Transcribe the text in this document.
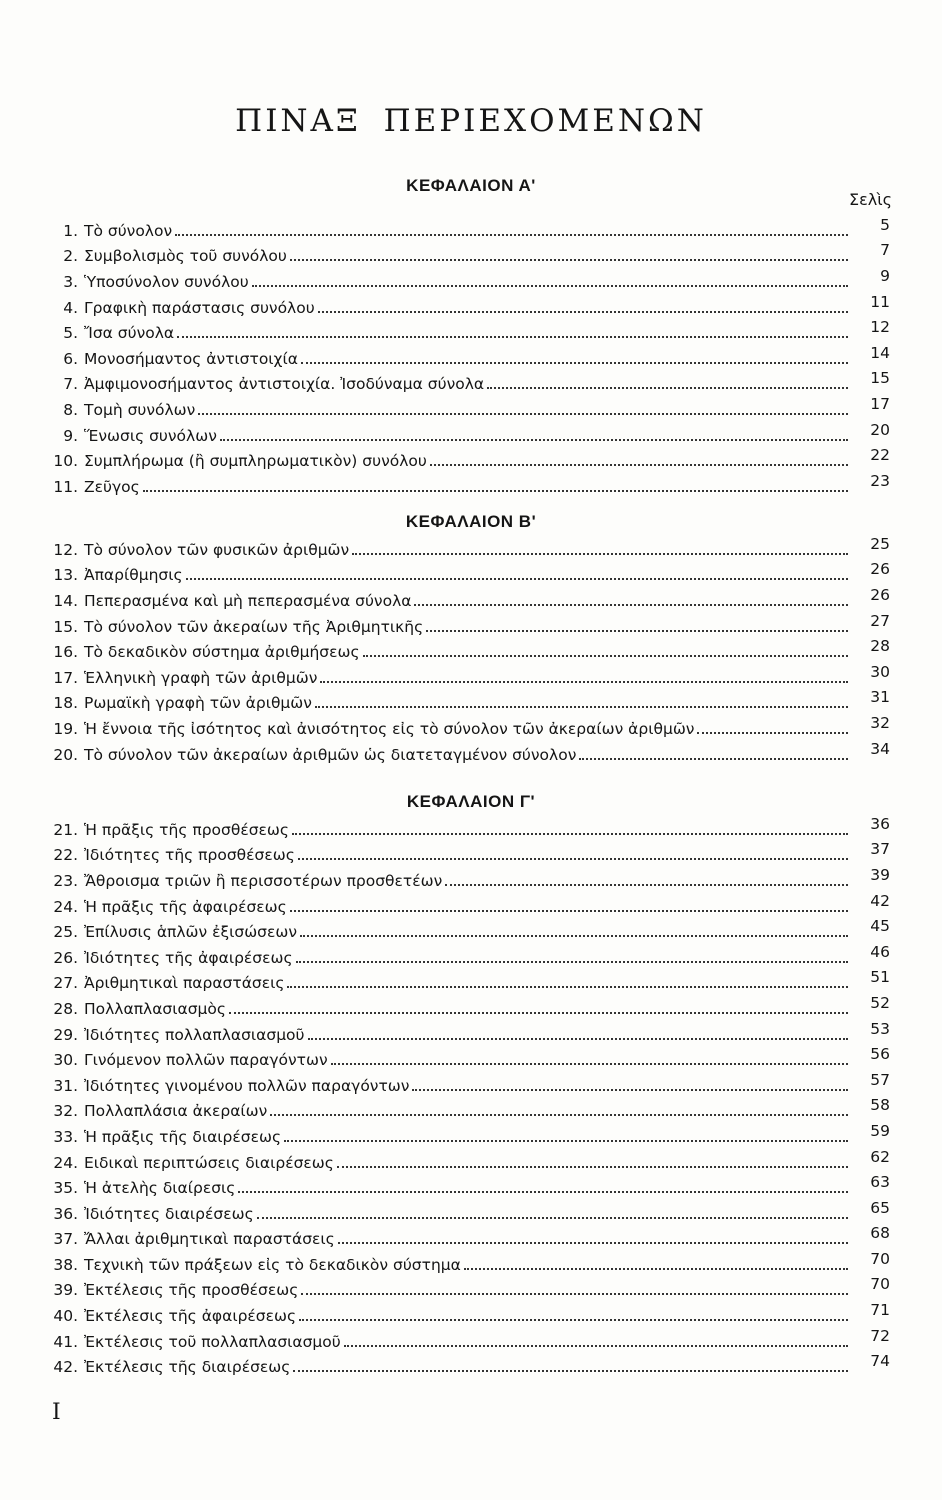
ΠΙΝΑΞ ΠΕΡΙΕΧΟΜΕΝΩΝ
ΚΕΦΑΛΑΙΟΝ Α'
Σελὶς
1. Τὸ σύνολον	5
2. Συμβολισμὸς τοῦ συνόλου	7
3. Ὑποσύνολον συνόλου	9
4. Γραφικὴ παράστασις συνόλου	11
5. Ἴσα σύνολα	12
6. Μονοσήμαντος ἀντιστοιχία	14
7. Ἀμφιμονοσήμαντος ἀντιστοιχία. Ἰσοδύναμα σύνολα	15
8. Τομὴ συνόλων	17
9. Ἕνωσις συνόλων	20
10. Συμπλήρωμα (ἢ συμπληρωματικὸν) συνόλου	22
11. Ζεῦγος	23
ΚΕΦΑΛΑΙΟΝ Β'
12. Τὸ σύνολον τῶν φυσικῶν ἀριθμῶν	25
13. Ἀπαρίθμησις	26
14. Πεπερασμένα καὶ μὴ πεπερασμένα σύνολα	26
15. Τὸ σύνολον τῶν ἀκεραίων τῆς Ἀριθμητικῆς	27
16. Τὸ δεκαδικὸν σύστημα ἀριθμήσεως	28
17. Ἑλληνικὴ γραφὴ τῶν ἀριθμῶν	30
18. Ρωμαϊκὴ γραφὴ τῶν ἀριθμῶν	31
19. Ἡ ἔννοια τῆς ἰσότητος καὶ ἀνισότητος εἰς τὸ σύνολον τῶν ἀκεραίων ἀριθμῶν	32
20. Τὸ σύνολον τῶν ἀκεραίων ἀριθμῶν ὡς διατεταγμένον σύνολον	34
ΚΕΦΑΛΑΙΟΝ Γ'
21. Ἡ πρᾶξις τῆς προσθέσεως	36
22. Ἰδιότητες τῆς προσθέσεως	37
23. Ἄθροισμα τριῶν ἢ περισσοτέρων προσθετέων	39
24. Ἡ πρᾶξις τῆς ἀφαιρέσεως	42
25. Ἐπίλυσις ἁπλῶν ἐξισώσεων	45
26. Ἰδιότητες τῆς ἀφαιρέσεως	46
27. Ἀριθμητικαὶ παραστάσεις	51
28. Πολλαπλασιασμὸς	52
29. Ἰδιότητες πολλαπλασιασμοῦ	53
30. Γινόμενον πολλῶν παραγόντων	56
31. Ἰδιότητες γινομένου πολλῶν παραγόντων	57
32. Πολλαπλάσια ἀκεραίων	58
33. Ἡ πρᾶξις τῆς διαιρέσεως	59
24. Ειδικαὶ περιπτώσεις διαιρέσεως	62
35. Ἡ ἀτελὴς διαίρεσις	63
36. Ἰδιότητες διαιρέσεως	65
37. Ἄλλαι ἀριθμητικαὶ παραστάσεις	68
38. Τεχνικὴ τῶν πράξεων εἰς τὸ δεκαδικὸν σύστημα	70
39. Ἐκτέλεσις τῆς προσθέσεως	70
40. Ἐκτέλεσις τῆς ἀφαιρέσεως	71
41. Ἐκτέλεσις τοῦ πολλαπλασιασμοῦ	72
42. Ἐκτέλεσις τῆς διαιρέσεως	74
I
